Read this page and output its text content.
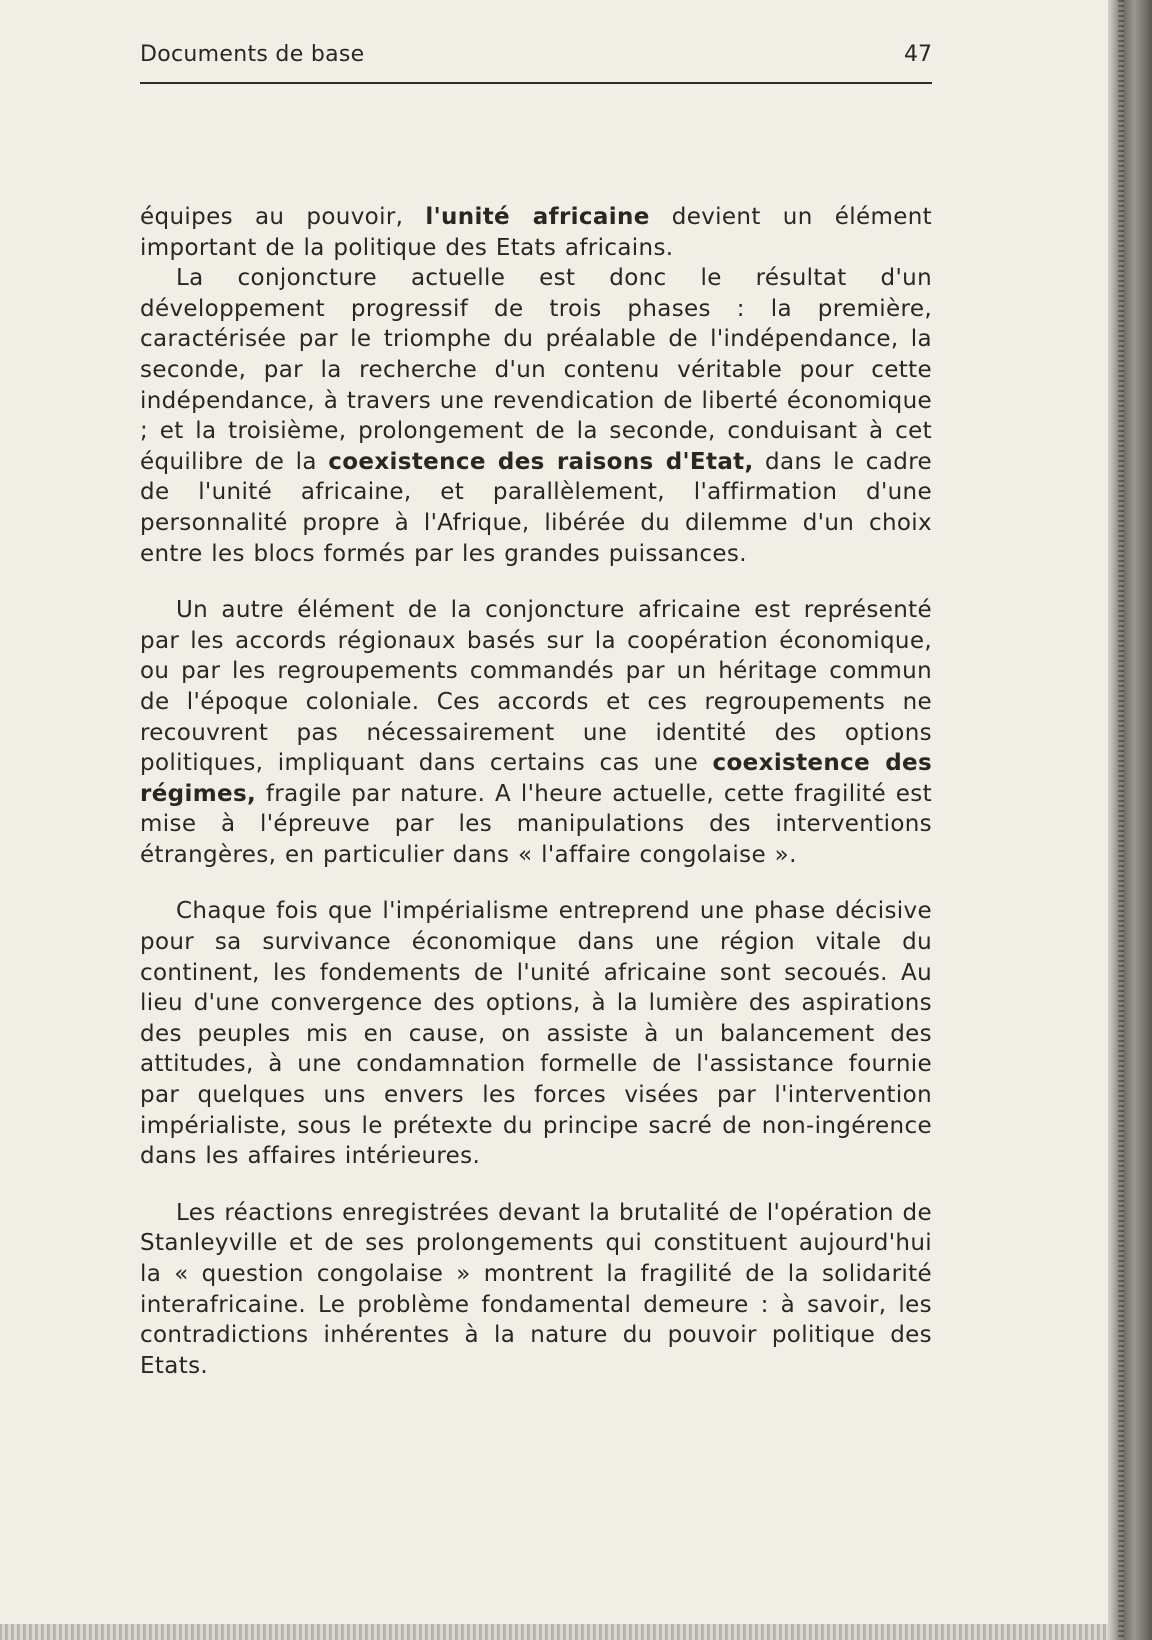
Documents de base	47

équipes au pouvoir, l'unité africaine devient un élément important de la politique des Etats africains.

La conjoncture actuelle est donc le résultat d'un développement progressif de trois phases : la première, caractérisée par le triomphe du préalable de l'indépendance, la seconde, par la recherche d'un contenu véritable pour cette indépendance, à travers une revendication de liberté économique ; et la troisième, prolongement de la seconde, conduisant à cet équilibre de la coexistence des raisons d'Etat, dans le cadre de l'unité africaine, et parallèlement, l'affirmation d'une personnalité propre à l'Afrique, libérée du dilemme d'un choix entre les blocs formés par les grandes puissances.

Un autre élément de la conjoncture africaine est représenté par les accords régionaux basés sur la coopération économique, ou par les regroupements commandés par un héritage commun de l'époque coloniale. Ces accords et ces regroupements ne recouvrent pas nécessairement une identité des options politiques, impliquant dans certains cas une coexistence des régimes, fragile par nature. A l'heure actuelle, cette fragilité est mise à l'épreuve par les manipulations des interventions étrangères, en particulier dans « l'affaire congolaise ».

Chaque fois que l'impérialisme entreprend une phase décisive pour sa survivance économique dans une région vitale du continent, les fondements de l'unité africaine sont secoués. Au lieu d'une convergence des options, à la lumière des aspirations des peuples mis en cause, on assiste à un balancement des attitudes, à une condamnation formelle de l'assistance fournie par quelques uns envers les forces visées par l'intervention impérialiste, sous le prétexte du principe sacré de non-ingérence dans les affaires intérieures.

Les réactions enregistrées devant la brutalité de l'opération de Stanleyville et de ses prolongements qui constituent aujourd'hui la « question congolaise » montrent la fragilité de la solidarité interafricaine. Le problème fondamental demeure : à savoir, les contradictions inhérentes à la nature du pouvoir politique des Etats.
